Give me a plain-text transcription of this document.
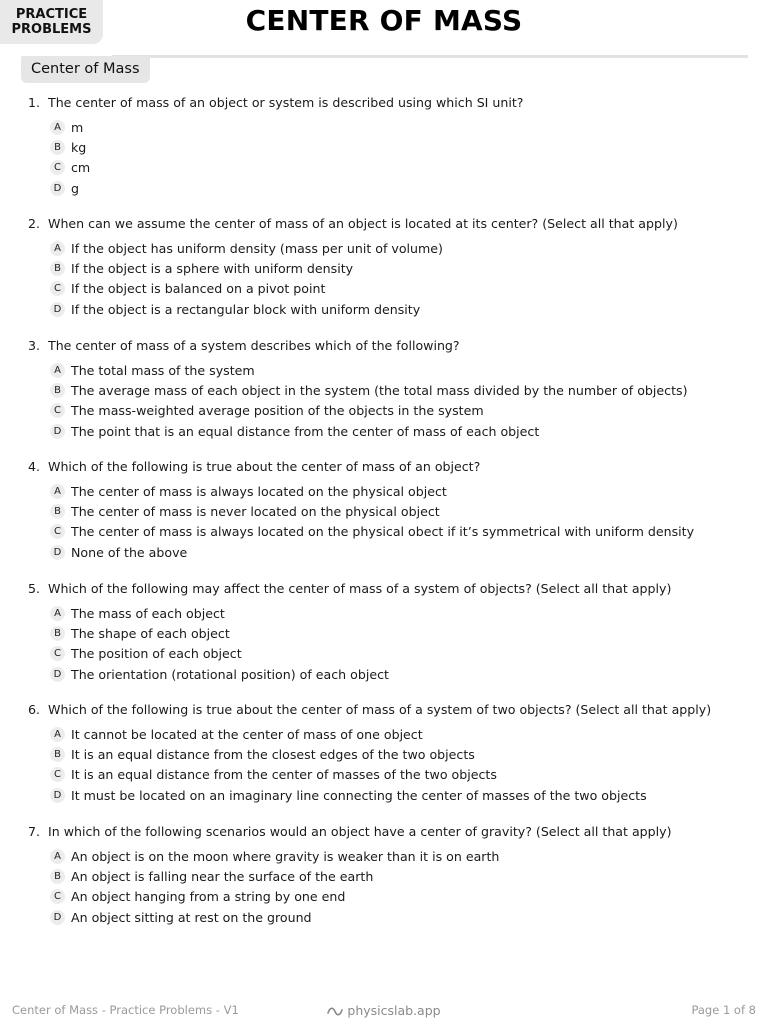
PRACTICE
PROBLEMS	CENTER OF MASS
Center of Mass
1. The center of mass of an object or system is described using which SI unit?
A m
B kg
C cm
D g
2. When can we assume the center of mass of an object is located at its center? (Select all that apply)
A If the object has uniform density (mass per unit of volume)
B If the object is a sphere with uniform density
C If the object is balanced on a pivot point
D If the object is a rectangular block with uniform density
3. The center of mass of a system describes which of the following?
A The total mass of the system
B The average mass of each object in the system (the total mass divided by the number of objects)
C The mass-weighted average position of the objects in the system
D The point that is an equal distance from the center of mass of each object
4. Which of the following is true about the center of mass of an object?
A The center of mass is always located on the physical object
B The center of mass is never located on the physical object
C The center of mass is always located on the physical obect if it’s symmetrical with uniform density
D None of the above
5. Which of the following may affect the center of mass of a system of objects? (Select all that apply)
A The mass of each object
B The shape of each object
C The position of each object
D The orientation (rotational position) of each object
6. Which of the following is true about the center of mass of a system of two objects? (Select all that apply)
A It cannot be located at the center of mass of one object
B It is an equal distance from the closest edges of the two objects
C It is an equal distance from the center of masses of the two objects
D It must be located on an imaginary line connecting the center of masses of the two objects
7. In which of the following scenarios would an object have a center of gravity? (Select all that apply)
A An object is on the moon where gravity is weaker than it is on earth
B An object is falling near the surface of the earth
C An object hanging from a string by one end
D An object sitting at rest on the ground
Center of Mass - Practice Problems - V1	physicslab.app	Page 1 of 8
